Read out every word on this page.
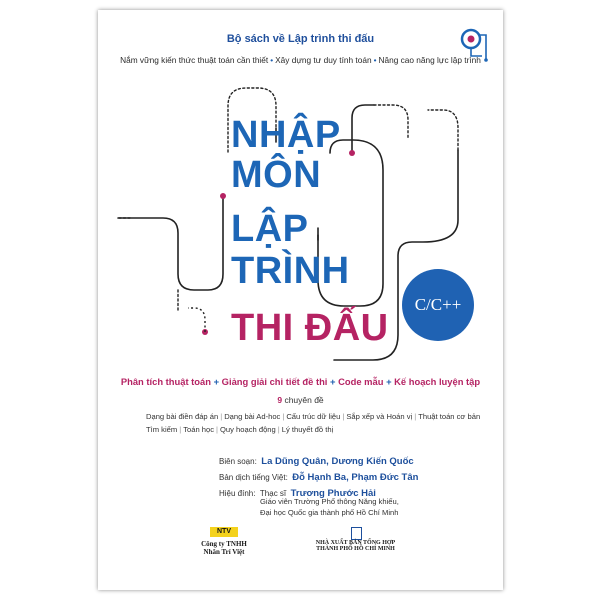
Bộ sách về Lập trình thi đấu
Nắm vững kiến thức thuật toán cần thiết • Xây dựng tư duy tính toán • Nâng cao năng lực lập trình
NHẬP
MÔN
LẬP
TRÌNH
THI ĐẤU
C/C++
Phân tích thuật toán + Giảng giải chi tiết đề thi + Code mẫu + Kế hoạch luyện tập
9 chuyên đề
Dạng bài điền đáp án | Dạng bài Ad-hoc | Cấu trúc dữ liệu | Sắp xếp và Hoán vị | Thuật toán cơ bản
Tìm kiếm | Toán học | Quy hoạch động | Lý thuyết đồ thị
Biên soạn: La Dũng Quân, Dương Kiến Quốc
Bản dịch tiếng Việt: Đỗ Hạnh Ba, Phạm Đức Tân
Hiệu đính: Thạc sĩ Trương Phước Hải
Giáo viên Trường Phổ thông Năng khiếu,
Đại học Quốc gia thành phố Hồ Chí Minh
NTV
Công ty TNHH
Nhân Trí Việt
NHÀ XUẤT BẢN TỔNG HỢP
THÀNH PHỐ HỒ CHÍ MINH
